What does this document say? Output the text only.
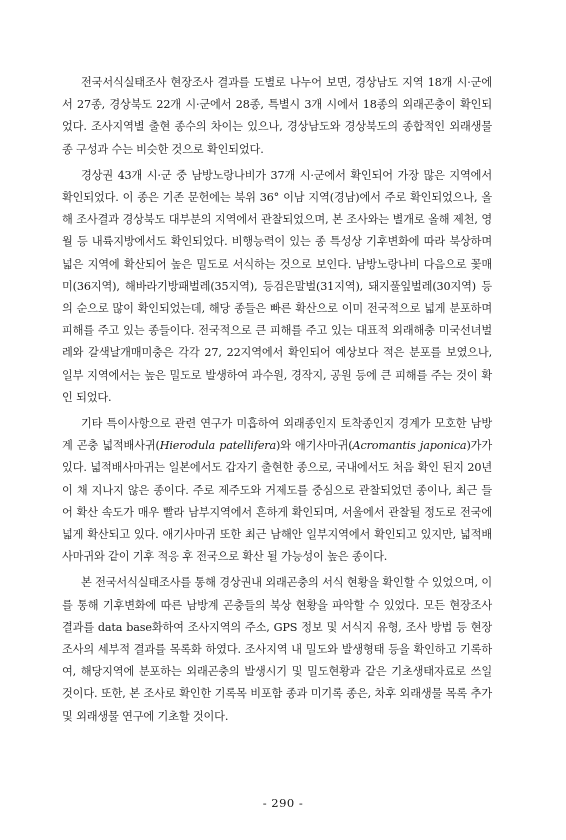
전국서식실태조사 현장조사 결과를 도별로 나누어 보면, 경상남도 지역 18개 시·군에서 27종, 경상북도 22개 시·군에서 28종, 특별시 3개 시에서 18종의 외래곤충이 확인되었다. 조사지역별 출현 종수의 차이는 있으나, 경상남도와 경상북도의 종합적인 외래생물 종 구성과 수는 비슷한 것으로 확인되었다.

경상권 43개 시·군 중 남방노랑나비가 37개 시·군에서 확인되어 가장 많은 지역에서 확인되었다. 이 종은 기존 문헌에는 북위 36° 이남 지역(경남)에서 주로 확인되었으나, 올해 조사결과 경상북도 대부분의 지역에서 관찰되었으며, 본 조사와는 별개로 올해 제천, 영월 등 내륙지방에서도 확인되었다. 비행능력이 있는 종 특성상 기후변화에 따라 북상하며 넓은 지역에 확산되어 높은 밀도로 서식하는 것으로 보인다. 남방노랑나비 다음으로 꽃매미(36지역), 해바라기방패벌레(35지역), 등검은말벌(31지역), 돼지풀잎벌레(30지역) 등의 순으로 많이 확인되었는데, 해당 종들은 빠른 확산으로 이미 전국적으로 넓게 분포하며 피해를 주고 있는 종들이다. 전국적으로 큰 피해를 주고 있는 대표적 외래해충 미국선녀벌레와 갈색날개매미충은 각각 27, 22지역에서 확인되어 예상보다 적은 분포를 보였으나, 일부 지역에서는 높은 밀도로 발생하여 과수원, 경작지, 공원 등에 큰 피해를 주는 것이 확인 되었다.

기타 특이사항으로 관련 연구가 미흡하여 외래종인지 토착종인지 경계가 모호한 남방계 곤충 넓적배사귀(Hierodula patellifera)와 애기사마귀(Acromantis japonica)가가 있다. 넓적배사마귀는 일본에서도 갑자기 출현한 종으로, 국내에서도 처음 확인 된지 20년이 채 지나지 않은 종이다. 주로 제주도와 거제도를 중심으로 관찰되었던 종이나, 최근 들어 확산 속도가 매우 빨라 남부지역에서 흔하게 확인되며, 서울에서 관찰될 정도로 전국에 넓게 확산되고 있다. 애기사마귀 또한 최근 남해안 일부지역에서 확인되고 있지만, 넓적배사마귀와 같이 기후 적응 후 전국으로 확산 될 가능성이 높은 종이다.

본 전국서식실태조사를 통해 경상권내 외래곤충의 서식 현황을 확인할 수 있었으며, 이를 통해 기후변화에 따른 남방계 곤충들의 북상 현황을 파악할 수 있었다. 모든 현장조사 결과를 data base화하여 조사지역의 주소, GPS 정보 및 서식지 유형, 조사 방법 등 현장조사의 세부적 결과를 목록화 하였다. 조사지역 내 밀도와 발생형태 등을 확인하고 기록하여, 해당지역에 분포하는 외래곤충의 발생시기 및 밀도현황과 같은 기초생태자료로 쓰일 것이다. 또한, 본 조사로 확인한 기록목 비포함 종과 미기록 종은, 차후 외래생물 목록 추가 및 외래생물 연구에 기초할 것이다.

- 290 -
